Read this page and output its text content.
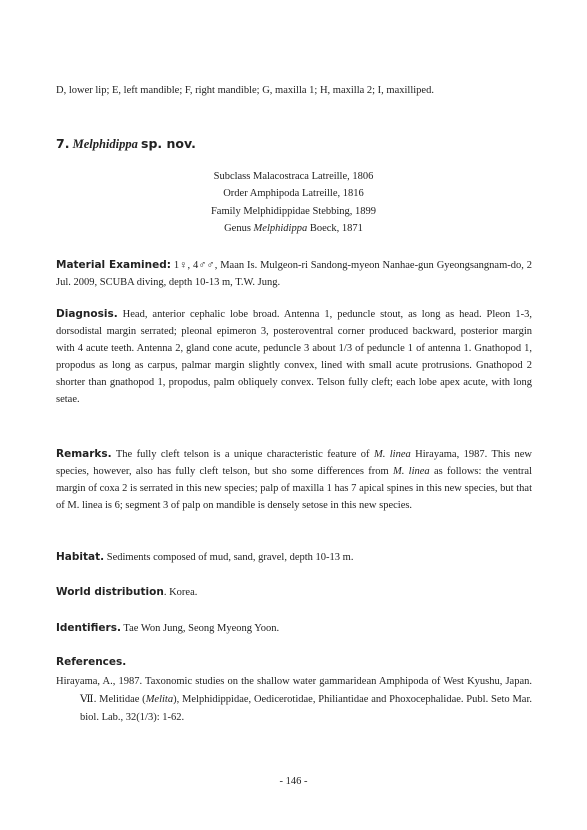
D, lower lip; E, left mandible; F, right mandible; G, maxilla 1; H, maxilla 2; I, maxilliped.
7. Melphidippa sp. nov.
Subclass Malacostraca Latreille, 1806
Order Amphipoda Latreille, 1816
Family Melphidippidae Stebbing, 1899
Genus Melphidippa Boeck, 1871
Material Examined: 1♀, 4♂♂, Maan Is. Mulgeon-ri Sandong-myeon Nanhae-gun Gyeongsangnam-do, 2 Jul. 2009, SCUBA diving, depth 10-13 m, T.W. Jung.
Diagnosis. Head, anterior cephalic lobe broad. Antenna 1, peduncle stout, as long as head. Pleon 1-3, dorsodistal margin serrated; pleonal epimeron 3, posteroventral corner produced backward, posterior margin with 4 acute teeth. Antenna 2, gland cone acute, peduncle 3 about 1/3 of peduncle 1 of antenna 1. Gnathopod 1, propodus as long as carpus, palmar margin slightly convex, lined with small acute protrusions. Gnathopod 2 shorter than gnathopod 1, propodus, palm obliquely convex. Telson fully cleft; each lobe apex acute, with long setae.
Remarks. The fully cleft telson is a unique characteristic feature of M. linea Hirayama, 1987. This new species, however, also has fully cleft telson, but sho some differences from M. linea as follows: the ventral margin of coxa 2 is serrated in this new species; palp of maxilla 1 has 7 apical spines in this new species, but that of M. linea is 6; segment 3 of palp on mandible is densely setose in this new species.
Habitat. Sediments composed of mud, sand, gravel, depth 10-13 m.
World distribution. Korea.
Identifiers. Tae Won Jung, Seong Myeong Yoon.
References.
Hirayama, A., 1987. Taxonomic studies on the shallow water gammaridean Amphipoda of West Kyushu, Japan. Ⅶ. Melitidae (Melita), Melphidippidae, Oedicerotidae, Philiantidae and Phoxocephalidae. Publ. Seto Mar. biol. Lab., 32(1/3): 1-62.
- 146 -
